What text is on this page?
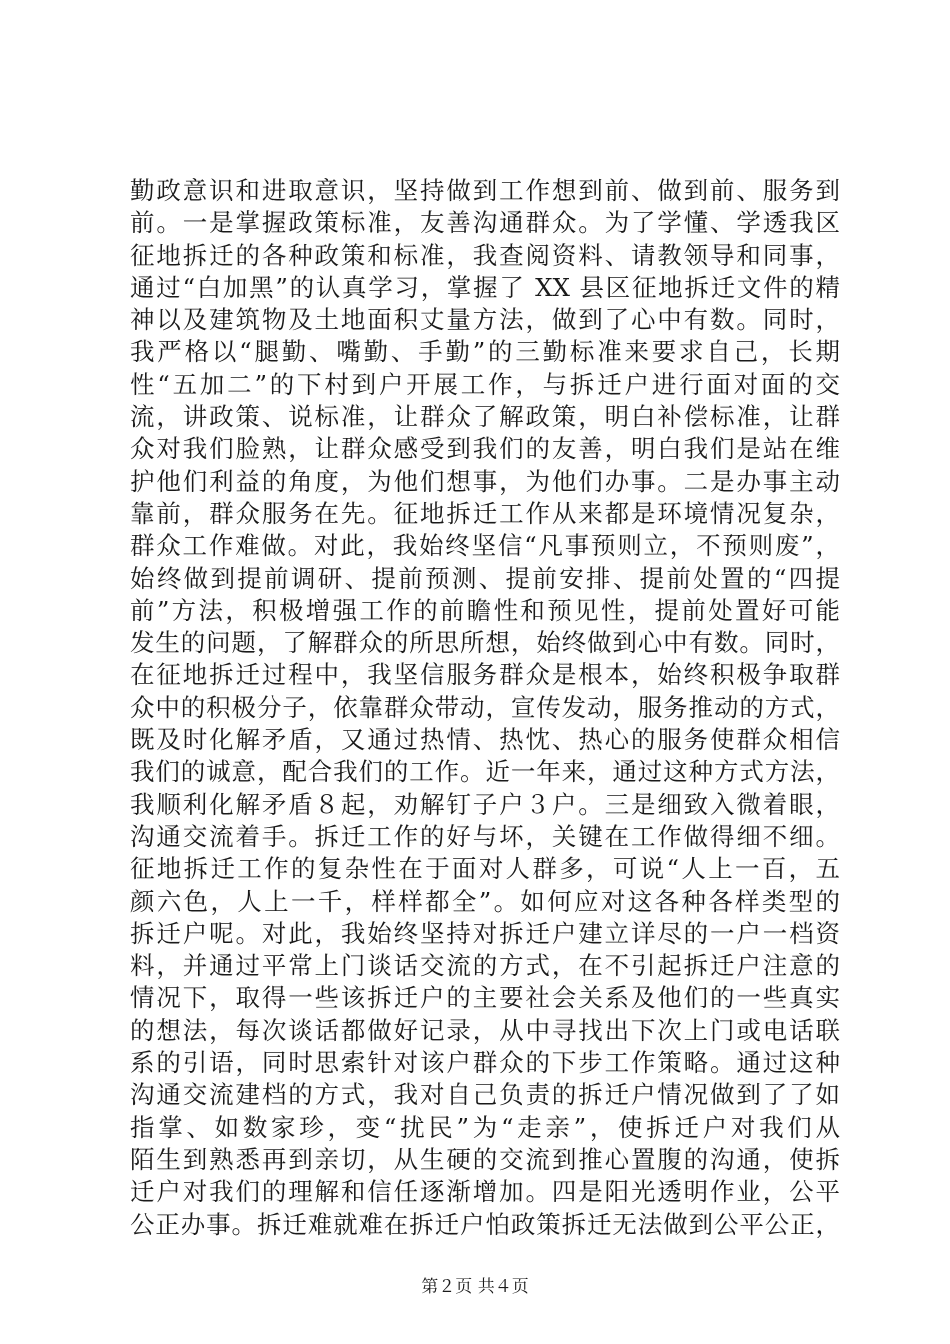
勤政意识和进取意识，坚持做到工作想到前、做到前、服务到
前。一是掌握政策标准，友善沟通群众。为了学懂、学透我区
征地拆迁的各种政策和标准，我查阅资料、请教领导和同事，
通过“白加黑”的认真学习，掌握了 XX 县区征地拆迁文件的精
神以及建筑物及土地面积丈量方法，做到了心中有数。同时，
我严格以“腿勤、嘴勤、手勤”的三勤标准来要求自己，长期
性“五加二”的下村到户开展工作，与拆迁户进行面对面的交
流，讲政策、说标准，让群众了解政策，明白补偿标准，让群
众对我们脸熟，让群众感受到我们的友善，明白我们是站在维
护他们利益的角度，为他们想事，为他们办事。二是办事主动
靠前，群众服务在先。征地拆迁工作从来都是环境情况复杂，
群众工作难做。对此，我始终坚信“凡事预则立，不预则废”，
始终做到提前调研、提前预测、提前安排、提前处置的“四提
前”方法，积极增强工作的前瞻性和预见性，提前处置好可能
发生的问题，了解群众的所思所想，始终做到心中有数。同时，
在征地拆迁过程中，我坚信服务群众是根本，始终积极争取群
众中的积极分子，依靠群众带动，宣传发动，服务推动的方式，
既及时化解矛盾，又通过热情、热忱、热心的服务使群众相信
我们的诚意，配合我们的工作。近一年来，通过这种方式方法，
我顺利化解矛盾８起，劝解钉子户３户。三是细致入微着眼，
沟通交流着手。拆迁工作的好与坏，关键在工作做得细不细。
征地拆迁工作的复杂性在于面对人群多，可说“人上一百，五
颜六色，人上一千，样样都全”。如何应对这各种各样类型的
拆迁户呢。对此，我始终坚持对拆迁户建立详尽的一户一档资
料，并通过平常上门谈话交流的方式，在不引起拆迁户注意的
情况下，取得一些该拆迁户的主要社会关系及他们的一些真实
的想法，每次谈话都做好记录，从中寻找出下次上门或电话联
系的引语，同时思索针对该户群众的下步工作策略。通过这种
沟通交流建档的方式，我对自己负责的拆迁户情况做到了了如
指掌、如数家珍，变“扰民”为“走亲”，使拆迁户对我们从
陌生到熟悉再到亲切，从生硬的交流到推心置腹的沟通，使拆
迁户对我们的理解和信任逐渐增加。四是阳光透明作业，公平
公正办事。拆迁难就难在拆迁户怕政策拆迁无法做到公平公正，
第２页 共４页
